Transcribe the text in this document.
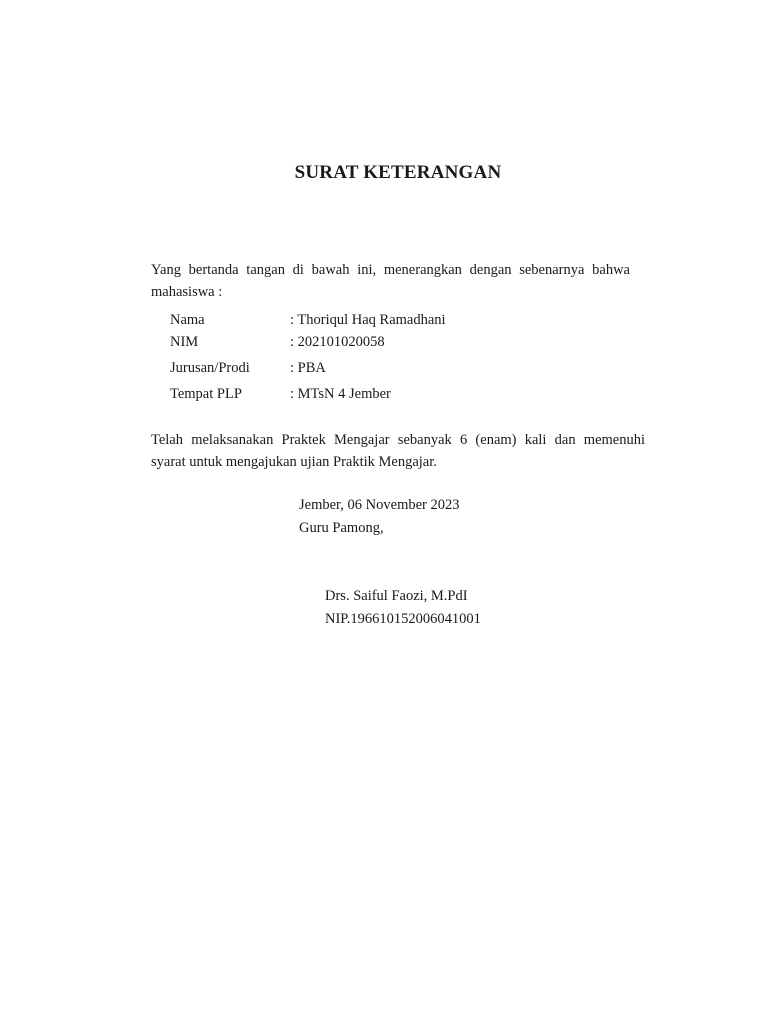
SURAT KETERANGAN
Yang bertanda tangan di bawah ini, menerangkan dengan sebenarnya bahwa
mahasiswa :
Nama	: Thoriqul Haq Ramadhani
NIM	: 202101020058
Jurusan/Prodi	: PBA
Tempat PLP	: MTsN 4 Jember
Telah melaksanakan Praktek Mengajar sebanyak 6 (enam) kali dan memenuhi
syarat untuk mengajukan ujian Praktik Mengajar.
Jember, 06 November 2023
Guru Pamong,
Drs. Saiful Faozi, M.PdI
NIP.196610152006041001
